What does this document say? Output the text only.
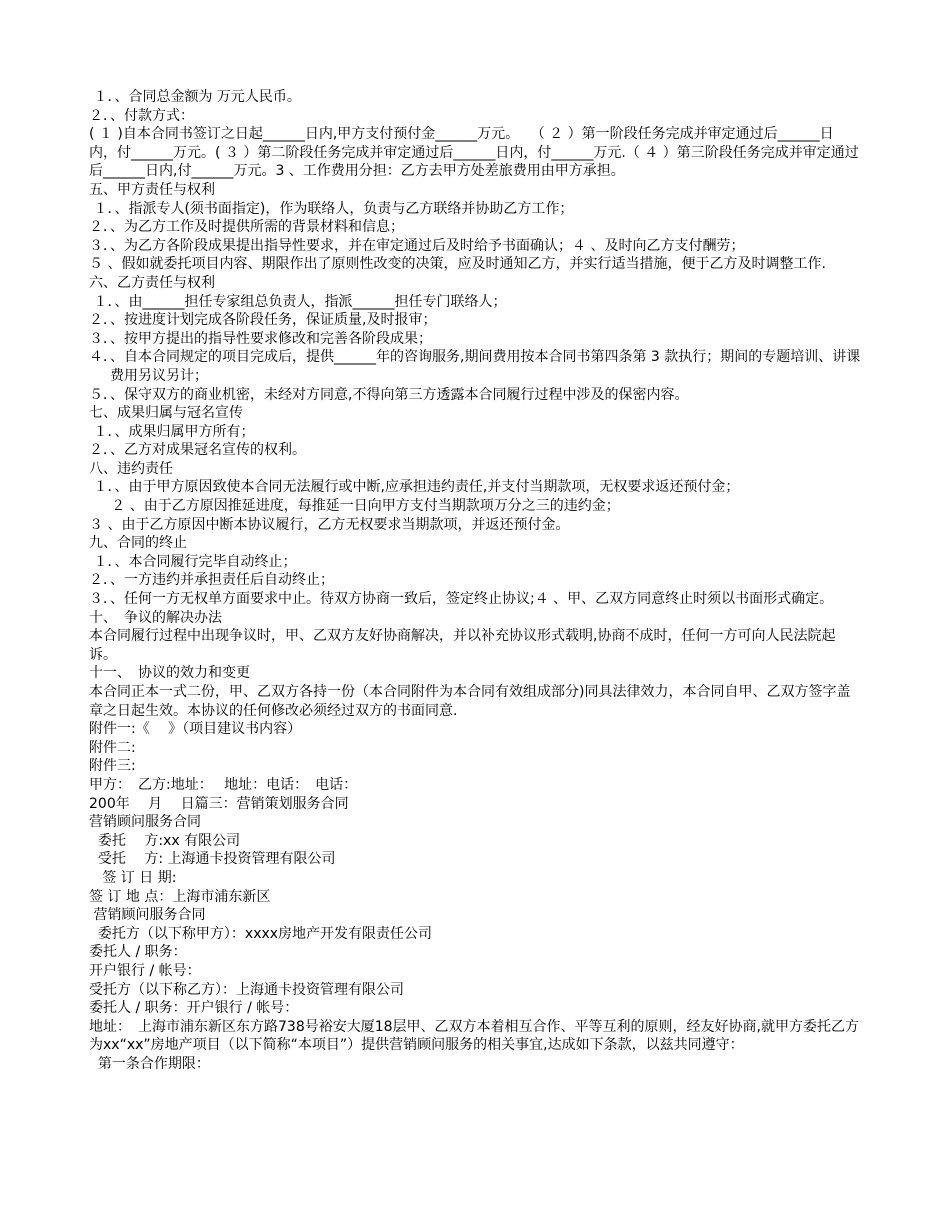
１．、合同总金额为 万元人民币。
２．、付款方式：
( １ )自本合同书签订之日起______日内,甲方支付预付金______万元。　 （ ２ ）第一阶段任务完成并审定通过后______日内，付______万元。( ３ ）第二阶段任务完成并审定通过后______日内，付______万元.（ ４ ）第三阶段任务完成并审定通过后______日内,付______万元。3 、工作费用分担：乙方去甲方处差旅费用由甲方承担。
五、甲方责任与权利
１．、指派专人(须书面指定)，作为联络人，负责与乙方联络并协助乙方工作；
２．、为乙方工作及时提供所需的背景材料和信息；
３．、为乙方各阶段成果提出指导性要求，并在审定通过后及时给予书面确认；４ 、及时向乙方支付酬劳；
５ 、假如就委托项目内容、期限作出了原则性改变的决策，应及时通知乙方，并实行适当措施，便于乙方及时调整工作.
六、乙方责任与权利
１．、由______担任专家组总负责人，指派______担任专门联络人；
２．、按进度计划完成各阶段任务，保证质量,及时报审；
３．、按甲方提出的指导性要求修改和完善各阶段成果；
４．、自本合同规定的项目完成后，提供______年的咨询服务,期间费用按本合同书第四条第 3 款执行；期间的专题培训、讲课费用另议另计；
５．、保守双方的商业机密，未经对方同意,不得向第三方透露本合同履行过程中涉及的保密内容。
七、成果归属与冠名宣传
１．、成果归属甲方所有；
２．、乙方对成果冠名宣传的权利。
八、违约责任
１．、由于甲方原因致使本合同无法履行或中断,应承担违约责任,并支付当期款项，无权要求返还预付金；
２ 、由于乙方原因推延进度，每推延一日向甲方支付当期款项万分之三的违约金；
３ 、由于乙方原因中断本协议履行，乙方无权要求当期款项，并返还预付金。
九、合同的终止
１．、本合同履行完毕自动终止；
２．、一方违约并承担责任后自动终止；
３．、任何一方无权单方面要求中止。待双方协商一致后，签定终止协议;４ 、甲、乙双方同意终止时须以书面形式确定。
十、　争议的解决办法
本合同履行过程中出现争议时，甲、乙双方友好协商解决，并以补充协议形式载明,协商不成时，任何一方可向人民法院起诉。
十一、　协议的效力和变更
本合同正本一式二份，甲、乙双方各持一份（本合同附件为本合同有效组成部分)同具法律效力，本合同自甲、乙双方签字盖章之日起生效。本协议的任何修改必须经过双方的书面同意.
附件一:《　 》（项目建议书内容）
附件二:
附件三:
甲方：　乙方:地址：　 地址：电话：　电话：
200年　 月　 日篇三：营销策划服务合同
营销顾问服务合同
委托　 方:xx 有限公司
受托　 方: 上海通卡投资管理有限公司
签 订 日 期:
签 订 地 点：上海市浦东新区
营销顾问服务合同
委托方（以下称甲方）：xxxx房地产开发有限责任公司
委托人 / 职务：
开户银行 / 帐号：
受托方（以下称乙方）：上海通卡投资管理有限公司
委托人 / 职务：开户银行 / 帐号：
地址：　上海市浦东新区东方路738号裕安大厦18层甲、乙双方本着相互合作、平等互利的原则，经友好协商,就甲方委托乙方为xx“xx”房地产项目（以下简称“本项目”）提供营销顾问服务的相关事宜,达成如下条款，以兹共同遵守：
第一条合作期限：
